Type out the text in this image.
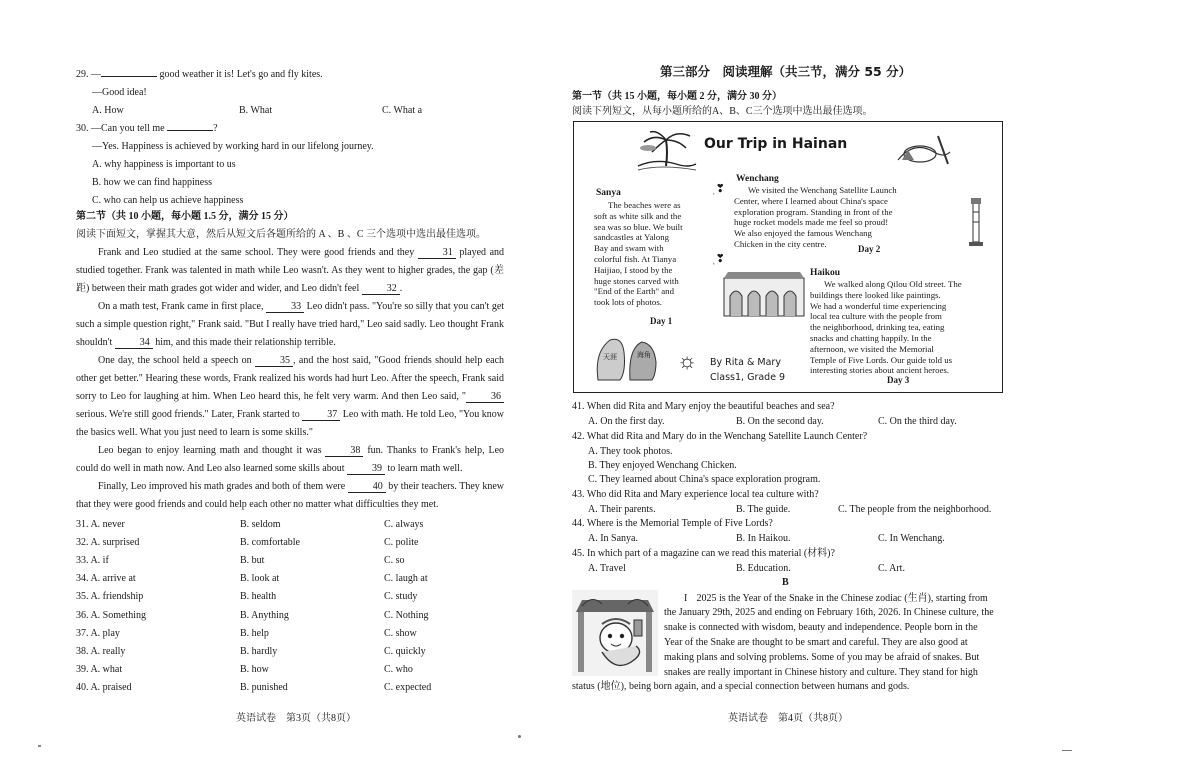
29. —	good weather it is! Let's go and fly kites.
—Good idea!
A. How	B. What	C. What a
30. —Can you tell me	?
—Yes. Happiness is achieved by working hard in our lifelong journey.
A. why happiness is important to us
B. how we can find happiness
C. who can help us achieve happiness
第二节（共 10 小题，每小题 1.5 分，满分 15 分）
阅读下面短文，掌握其大意，然后从短文后各题所给的 A 、B 、C 三个选项中选出最佳选项。
Frank and Leo studied at the same school. They were good friends and they	31 played and studied together. Frank was talented in math while Leo wasn't. As they went to higher grades, the gap (差距) between their math grades got wider and wider, and Leo didn't feel	32 .
On a math test, Frank came in first place,	33 Leo didn't pass. "You're so silly that you can't get such a simple question right," Frank said. "But I really have tried hard," Leo said sadly. Leo thought Frank shouldn't	34 him, and this made their relationship terrible.
One day, the school held a speech on	35 , and the host said, "Good friends should help each other get better." Hearing these words, Frank realized his words had hurt Leo. After the speech, Frank said sorry to Leo for laughing at him. When Leo heard this, he felt very warm. And then Leo said, "	36 serious. We're still good friends." Later, Frank started to	37 Leo with math. He told Leo, "You know the basics well. What you just need to learn is some skills."
Leo began to enjoy learning math and thought it was	38 fun. Thanks to Frank's help, Leo could do well in math now. And Leo also learned some skills about	39 to learn math well.
Finally, Leo improved his math grades and both of them were	40 by their teachers. They knew that they were good friends and could help each other no matter what difficulties they met.
31. A. never	B. seldom	C. always
32. A. surprised	B. comfortable	C. polite
33. A. if	B. but	C. so
34. A. arrive at	B. look at	C. laugh at
35. A. friendship	B. health	C. study
36. A. Something	B. Anything	C. Nothing
37. A. play	B. help	C. show
38. A. really	B. hardly	C. quickly
39. A. what	B. how	C. who
40. A. praised	B. punished	C. expected
英语试卷　第3页（共8页）
第三部分　阅读理解（共三节，满分 55 分）
第一节（共 15 小题，每小题 2 分，满分 30 分）
阅读下列短文，从每小题所给的A、B、C三个选项中选出最佳选项。
Our Trip in Hainan
Sanya
The beaches were as
soft as white silk and the
sea was so blue. We built
sandcastles at Yalong
Bay and swam with
colorful fish. At Tianya
Haijiao, I stood by the
huge stones carved with
"End of the Earth" and
took lots of photos.
Day 1
ˌ❣
ˌ❣
Wenchang
We visited the Wenchang Satellite Launch
Center, where I learned about China's space
exploration program. Standing in front of the
huge rocket models made me feel so proud!
We also enjoyed the famous Wenchang
Chicken in the city centre.
Day 2
Haikou
We walked along Qilou Old street. The
buildings there looked like paintings.
We had a wonderful time experiencing
local tea culture with the people from
the neighborhood, drinking tea, eating
snacks and chatting happily. In the
afternoon, we visited the Memorial
Temple of Five Lords. Our guide told us
interesting stories about ancient heroes.
Day 3
天涯	海角 ☼ By Rita & Mary
Class1, Grade 9
41. When did Rita and Mary enjoy the beautiful beaches and sea?
A. On the first day.	B. On the second day.	C. On the third day.
42. What did Rita and Mary do in the Wenchang Satellite Launch Center?
A. They took photos.
B. They enjoyed Wenchang Chicken.
C. They learned about China's space exploration program.
43. Who did Rita and Mary experience local tea culture with?
A. Their parents.	B. The guide.	C. The people from the neighborhood.
44. Where is the Memorial Temple of Five Lords?
A. In Sanya.	B. In Haikou.	C. In Wenchang.
45. In which part of a magazine can we read this material (材料)?
A. Travel	B. Education.	C. Art.
B
I 2025 is the Year of the Snake in the Chinese zodiac (生肖), starting from
the January 29th, 2025 and ending on February 16th, 2026. In Chinese culture, the
snake is connected with wisdom, beauty and independence. People born in the
Year of the Snake are thought to be smart and careful. They are also good at
making plans and solving problems. Some of you may be afraid of snakes. But
snakes are really important in Chinese history and culture. They stand for high
status (地位), being born again, and a special connection between humans and gods.
英语试卷　第4页（共8页）
